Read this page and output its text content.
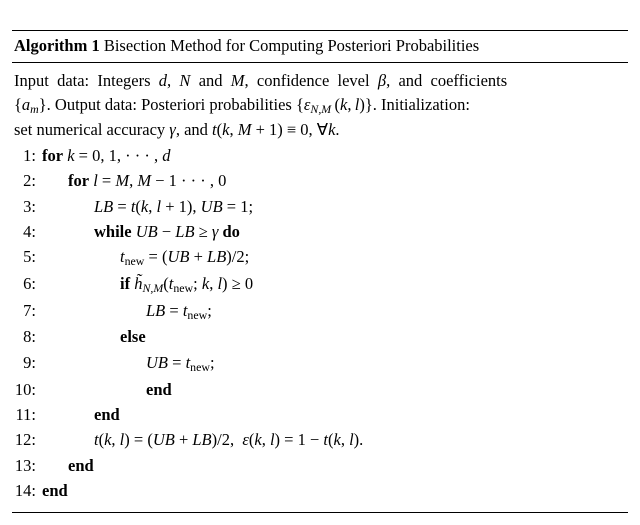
Algorithm 1 Bisection Method for Computing Posteriori Probabilities
Input  data:  Integers  d,  N  and  M,  confidence  level  β,  and  coefficients
$\{a_m\}$. Output data: Posteriori probabilities {$\varepsilon_{N,M}$ (k, l)}. Initialization:
set numerical accuracy γ, and t(k, M + 1) ≡ 0, ∀k.
1: for k = 0, 1, · · · , d
2:	for l = M, M − 1 · · · , 0
3:	LB = t(k, l + 1), UB = 1;
4:	while UB − LB ≥ γ do
5:	$t_{new} = (UB + LB)/2$;
6:	if $h̃_{N,M}(t_{new}$; k, l) ≥ 0
7:	LB = $t_{new}$;
8:	else
9:	UB = $t_{new}$;
10:	end
11:	end
12:	t(k, l) = (UB + LB)/2,  ε(k, l) = 1 − t(k, l).
13:	end
14: end
